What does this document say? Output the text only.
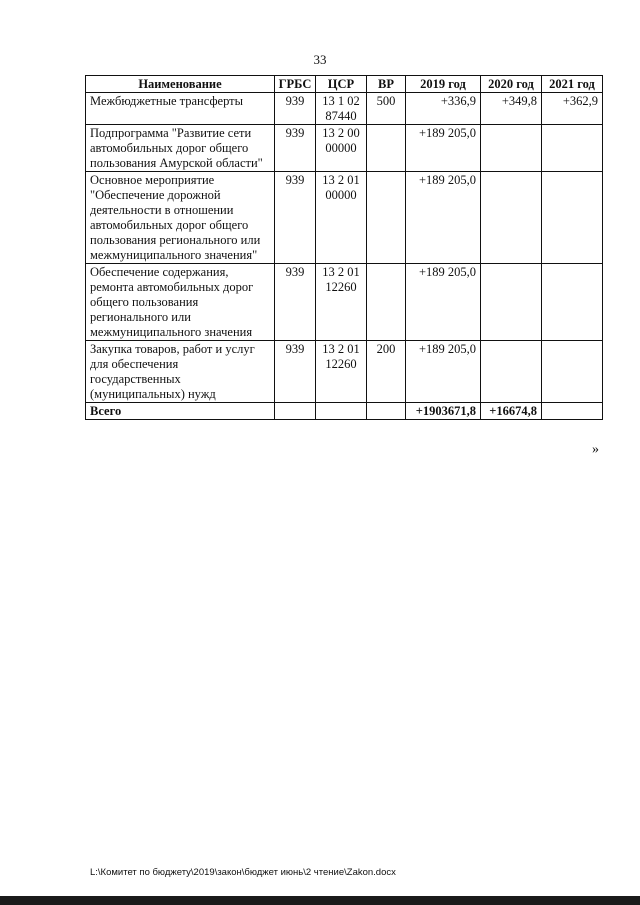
33
Наименование	ГРБС	ЦСР	ВР	2019 год	2020 год	2021 год
Межбюджетные трансферты	939	13 1 02 87440	500	+336,9	+349,8	+362,9
Подпрограмма "Развитие сети автомобильных дорог общего пользования Амурской области"	939	13 2 00 00000		+189 205,0		
Основное мероприятие "Обеспечение дорожной деятельности в отношении автомобильных дорог общего пользования регионального или межмуниципального значения"	939	13 2 01 00000		+189 205,0		
Обеспечение содержания, ремонта автомобильных дорог общего пользования регионального или межмуниципального значения	939	13 2 01 12260		+189 205,0		
Закупка товаров, работ и услуг для обеспечения государственных (муниципальных) нужд	939	13 2 01 12260	200	+189 205,0		
Всего				+1903671,8	+16674,8	
»
L:\Комитет по бюджету\2019\закон\бюджет июнь\2 чтение\Zakon.docx
